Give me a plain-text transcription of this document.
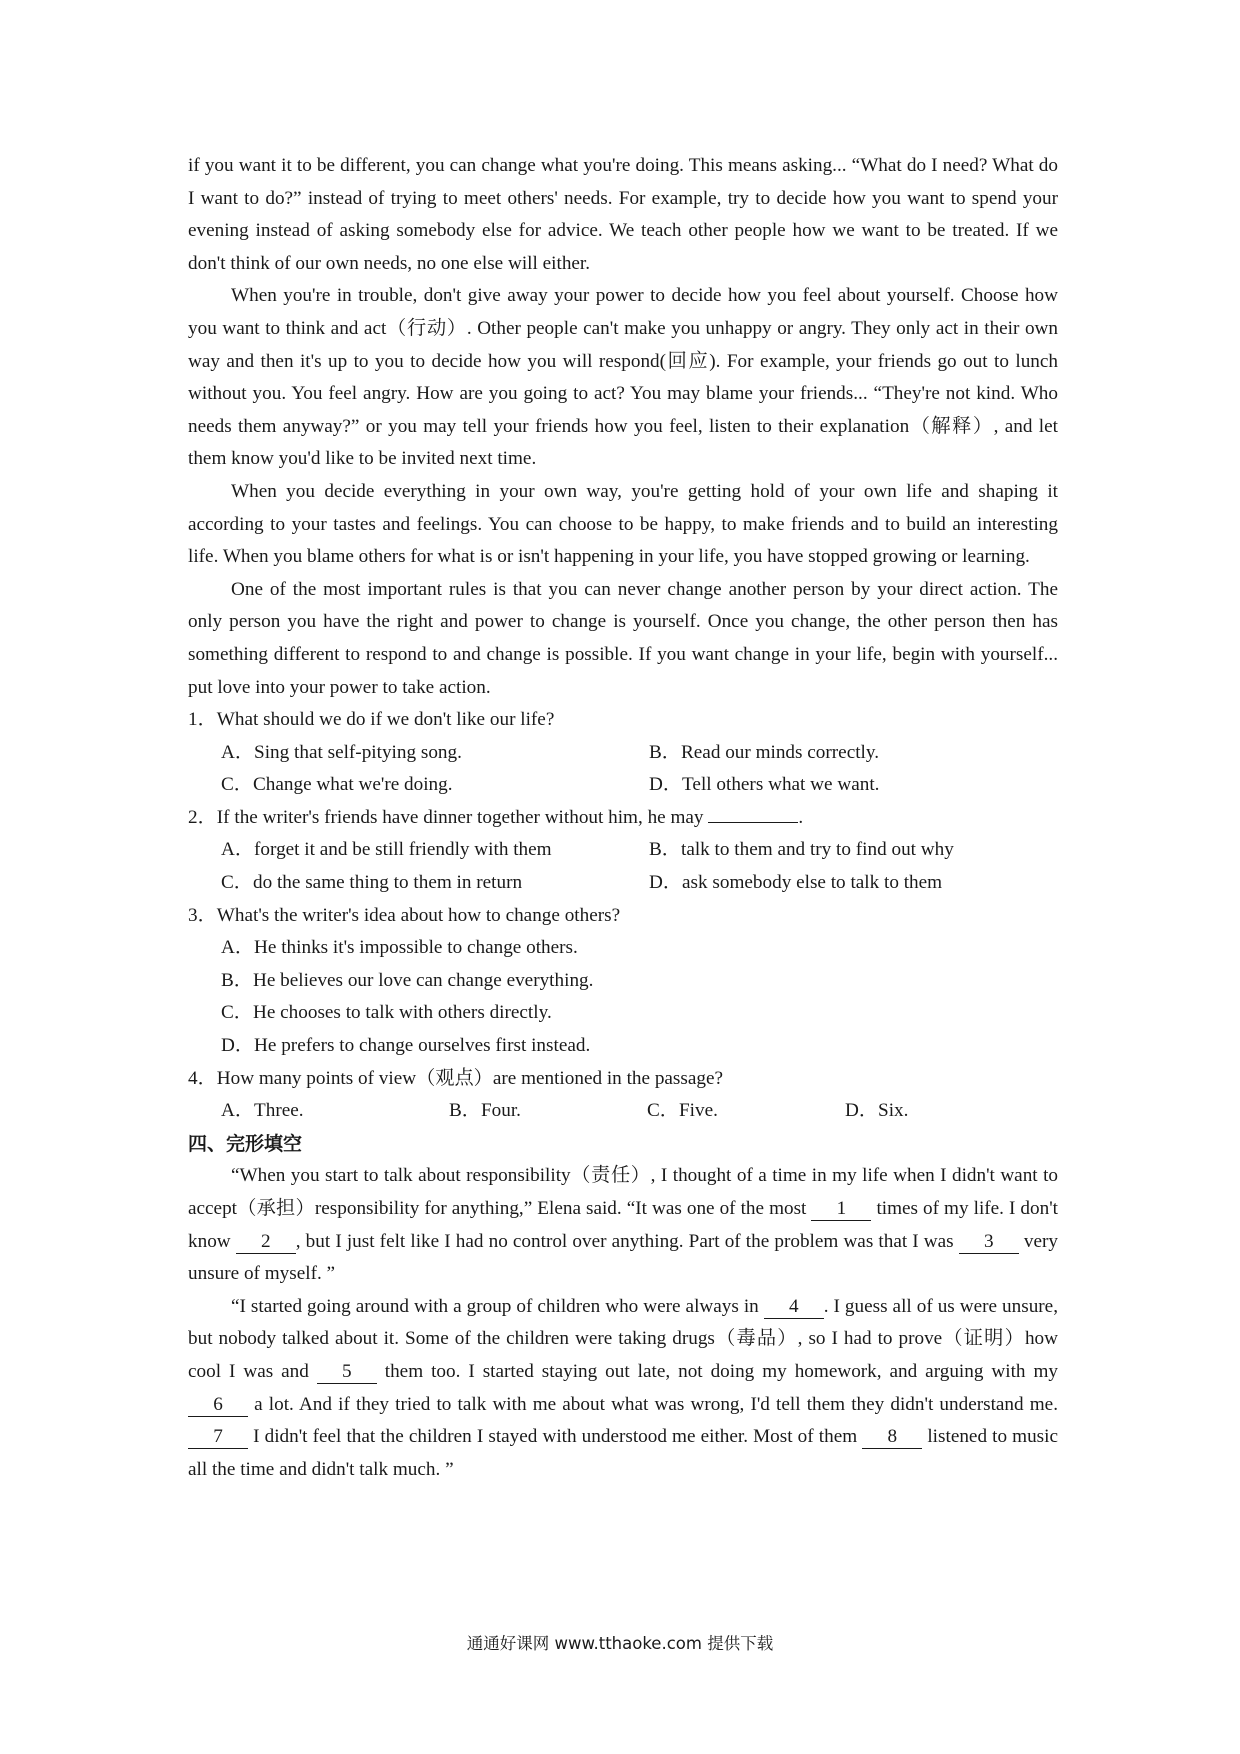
if you want it to be different, you can change what you're doing. This means asking... “What do I need? What do I want to do?” instead of trying to meet others' needs. For example, try to decide how you want to spend your evening instead of asking somebody else for advice. We teach other people how we want to be treated. If we don't think of our own needs, no one else will either.

When you're in trouble, don't give away your power to decide how you feel about yourself. Choose how you want to think and act（行动）. Other people can't make you unhappy or angry. They only act in their own way and then it's up to you to decide how you will respond(回应). For example, your friends go out to lunch without you. You feel angry. How are you going to act? You may blame your friends... “They're not kind. Who needs them anyway?” or you may tell your friends how you feel, listen to their explanation（解释）, and let them know you'd like to be invited next time.

When you decide everything in your own way, you're getting hold of your own life and shaping it according to your tastes and feelings. You can choose to be happy, to make friends and to build an interesting life. When you blame others for what is or isn't happening in your life, you have stopped growing or learning.

One of the most important rules is that you can never change another person by your direct action. The only person you have the right and power to change is yourself. Once you change, the other person then has something different to respond to and change is possible. If you want change in your life, begin with yourself... put love into your power to take action.

1．What should we do if we don't like our life?

A．Sing that self-pitying song.	B．Read our minds correctly.
C．Change what we're doing.	D．Tell others what we want.

2．If the writer's friends have dinner together without him, he may	.

A．forget it and be still friendly with them	B．talk to them and try to find out why
C．do the same thing to them in return	D．ask somebody else to talk to them

3．What's the writer's idea about how to change others?

A．He thinks it's impossible to change others.
B．He believes our love can change everything.
C．He chooses to talk with others directly.
D．He prefers to change ourselves first instead.

4．How many points of view（观点）are mentioned in the passage?

A．Three.	B．Four.	C．Five.	D．Six.

四、完形填空

“When you start to talk about responsibility（责任）, I thought of a time in my life when I didn't want to accept（承担）responsibility for anything,” Elena said. “It was one of the most 1 times of my life. I don't know 2 , but I just felt like I had no control over anything. Part of the problem was that I was 3 very unsure of myself. ”

“I started going around with a group of children who were always in 4 . I guess all of us were unsure, but nobody talked about it. Some of the children were taking drugs（毒品）, so I had to prove（证明）how cool I was and 5 them too. I started staying out late, not doing my homework, and arguing with my 6 a lot. And if they tried to talk with me about what was wrong, I'd tell them they didn't understand me. 7 I didn't feel that the children I stayed with understood me either. Most of them 8 listened to music all the time and didn't talk much. ”

通通好课网 www.tthaoke.com 提供下载
